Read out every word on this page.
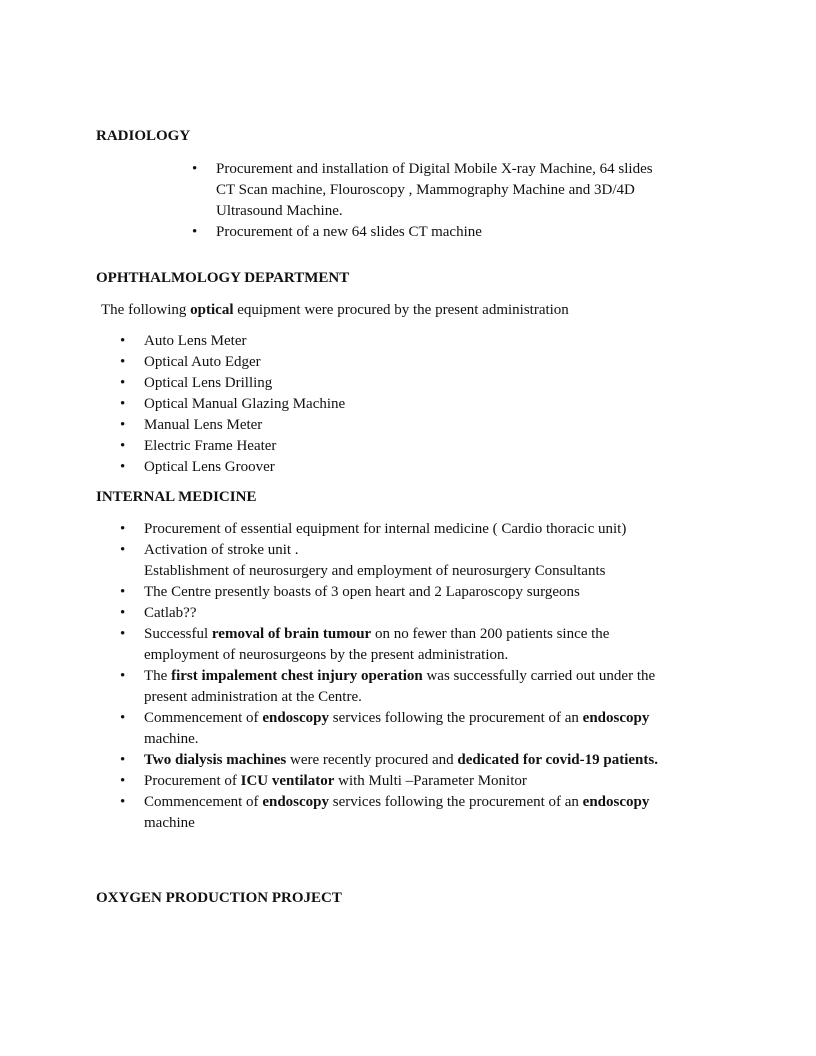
RADIOLOGY
• Procurement and installation of Digital Mobile X-ray Machine, 64 slides
CT Scan machine, Flouroscopy , Mammography Machine and 3D/4D
Ultrasound Machine.
• Procurement of a new 64 slides CT machine
OPHTHALMOLOGY DEPARTMENT

The following optical equipment were procured by the present administration

• Auto Lens Meter
• Optical Auto Edger
• Optical Lens Drilling
• Optical Manual Glazing Machine
• Manual Lens Meter
• Electric Frame Heater
• Optical Lens Groover
INTERNAL MEDICINE
• Procurement of essential equipment for internal medicine ( Cardio thoracic unit)
• Activation of stroke unit .
Establishment of neurosurgery and employment of neurosurgery Consultants
• The Centre presently boasts of 3 open heart and 2 Laparoscopy surgeons
• Catlab??
• Successful removal of brain tumour on no fewer than 200 patients since the
employment of neurosurgeons by the present administration.
• The first impalement chest injury operation was successfully carried out under the
present administration at the Centre.
• Commencement of endoscopy services following the procurement of an endoscopy
machine.
• Two dialysis machines were recently procured and dedicated for covid-19 patients.
• Procurement of ICU ventilator with Multi –Parameter Monitor
• Commencement of endoscopy services following the procurement of an endoscopy
machine
OXYGEN PRODUCTION PROJECT
